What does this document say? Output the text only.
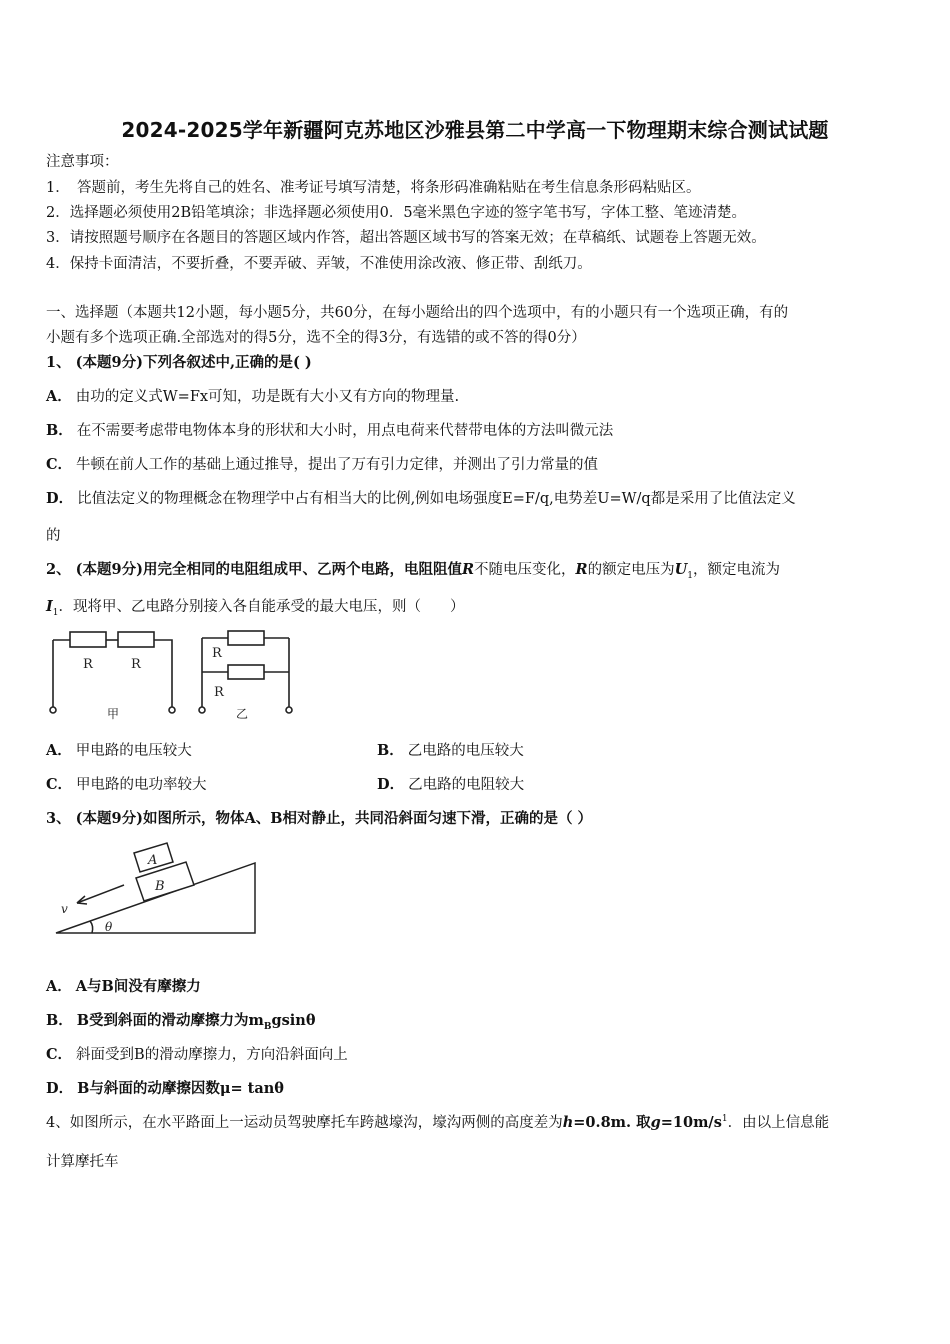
2024-2025学年新疆阿克苏地区沙雅县第二中学高一下物理期末综合测试试题
注意事项：
1．　答题前，考生先将自己的姓名、准考证号填写清楚，将条形码准确粘贴在考生信息条形码粘贴区。
2．选择题必须使用2B铅笔填涂；非选择题必须使用0．5毫米黑色字迹的签字笔书写，字体工整、笔迹清楚。
3．请按照题号顺序在各题目的答题区域内作答，超出答题区域书写的答案无效；在草稿纸、试题卷上答题无效。
4．保持卡面清洁，不要折叠，不要弄破、弄皱，不准使用涂改液、修正带、刮纸刀。
一、选择题（本题共12小题，每小题5分，共60分，在每小题给出的四个选项中，有的小题只有一个选项正确，有的
小题有多个选项正确.全部选对的得5分，选不全的得3分，有选错的或不答的得0分）
1、 (本题9分)下列各叙述中,正确的是( )
A． 由功的定义式W=Fx可知，功是既有大小又有方向的物理量.
B． 在不需要考虑带电物体本身的形状和大小时，用点电荷来代替带电体的方法叫微元法
C． 牛顿在前人工作的基础上通过推导，提出了万有引力定律，并测出了引力常量的值
D． 比值法定义的物理概念在物理学中占有相当大的比例,例如电场强度E=F/q,电势差U=W/q都是采用了比值法定义
的
2、 (本题9分)用完全相同的电阻组成甲、乙两个电路，电阻阻值R不随电压变化，R的额定电压为$U_1$，额定电流为
$I_1$．现将甲、乙电路分别接入各自能承受的最大电压，则（　　）
R	R
R
R
甲	乙
A． 甲电路的电压较大	B． 乙电路的电压较大
C． 甲电路的电功率较大	D． 乙电路的电阻较大
3、 (本题9分)如图所示，物体A、B相对静止，共同沿斜面匀速下滑，正确的是（ ）
A
B
v
θ
A． A与B间没有摩擦力
B． B受到斜面的滑动摩擦力为$m_Bgsin\theta$
C． 斜面受到B的滑动摩擦力，方向沿斜面向上
D． B与斜面的动摩擦因数μ= tanθ
4、如图所示，在水平路面上一运动员驾驶摩托车跨越壕沟，壕沟两侧的高度差为h=0.8m. 取$g=10m/s^1$．由以上信息能
计算摩托车
